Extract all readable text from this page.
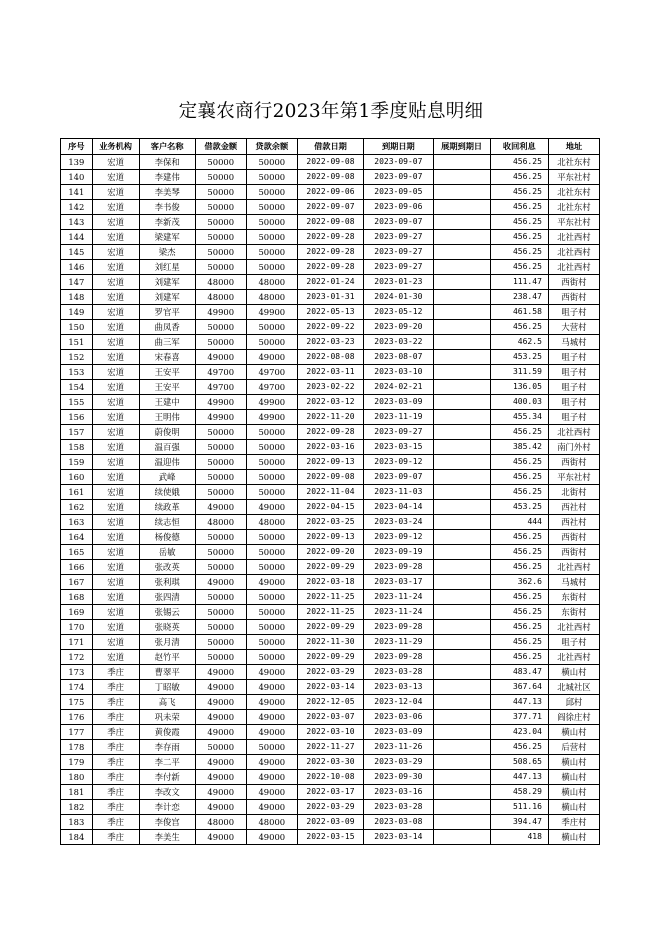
定襄农商行2023年第1季度贴息明细
序号	业务机构	客户名称	借款金额	贷款余额	借款日期	到期日期	展期到期日	收回利息	地址
139	宏道	李保和	50000	50000	2022-09-08	2023-09-07		456.25	北社东村
140	宏道	李建伟	50000	50000	2022-09-08	2023-09-07		456.25	平东社村
141	宏道	李美琴	50000	50000	2022-09-06	2023-09-05		456.25	北社东村
142	宏道	李书俊	50000	50000	2022-09-07	2023-09-06		456.25	北社东村
143	宏道	李新茂	50000	50000	2022-09-08	2023-09-07		456.25	平东社村
144	宏道	梁建军	50000	50000	2022-09-28	2023-09-27		456.25	北社西村
145	宏道	梁杰	50000	50000	2022-09-28	2023-09-27		456.25	北社西村
146	宏道	刘红星	50000	50000	2022-09-28	2023-09-27		456.25	北社西村
147	宏道	刘建军	48000	48000	2022-01-24	2023-01-23		111.47	西街村
148	宏道	刘建军	48000	48000	2023-01-31	2024-01-30		238.47	西街村
149	宏道	罗官平	49900	49900	2022-05-13	2023-05-12		461.58	咀子村
150	宏道	曲凤香	50000	50000	2022-09-22	2023-09-20		456.25	大营村
151	宏道	曲三军	50000	50000	2022-03-23	2023-03-22		462.5	马城村
152	宏道	宋春喜	49000	49000	2022-08-08	2023-08-07		453.25	咀子村
153	宏道	王安平	49700	49700	2022-03-11	2023-03-10		311.59	咀子村
154	宏道	王安平	49700	49700	2023-02-22	2024-02-21		136.05	咀子村
155	宏道	王建中	49900	49900	2022-03-12	2023-03-09		400.03	咀子村
156	宏道	王明伟	49900	49900	2022-11-20	2023-11-19		455.34	咀子村
157	宏道	蔚俊明	50000	50000	2022-09-28	2023-09-27		456.25	北社西村
158	宏道	温百强	50000	50000	2022-03-16	2023-03-15		385.42	南门外村
159	宏道	温迎伟	50000	50000	2022-09-13	2023-09-12		456.25	西街村
160	宏道	武峰	50000	50000	2022-09-08	2023-09-07		456.25	平东社村
161	宏道	续使娥	50000	50000	2022-11-04	2023-11-03		456.25	北街村
162	宏道	续政革	49000	49000	2022-04-15	2023-04-14		453.25	西社村
163	宏道	续志恒	48000	48000	2022-03-25	2023-03-24		444	西社村
164	宏道	杨俊德	50000	50000	2022-09-13	2023-09-12		456.25	西街村
165	宏道	岳敏	50000	50000	2022-09-20	2023-09-19		456.25	西街村
166	宏道	张改英	50000	50000	2022-09-29	2023-09-28		456.25	北社西村
167	宏道	张利琪	49000	49000	2022-03-18	2023-03-17		362.6	马城村
168	宏道	张四清	50000	50000	2022-11-25	2023-11-24		456.25	东街村
169	宏道	张锡云	50000	50000	2022-11-25	2023-11-24		456.25	东街村
170	宏道	张晓英	50000	50000	2022-09-29	2023-09-28		456.25	北社西村
171	宏道	张月清	50000	50000	2022-11-30	2023-11-29		456.25	咀子村
172	宏道	赵竹平	50000	50000	2022-09-29	2023-09-28		456.25	北社西村
173	季庄	曹翠平	49000	49000	2022-03-29	2023-03-28		483.47	横山村
174	季庄	丁昭敏	49000	49000	2022-03-14	2023-03-13		367.64	北城社区
175	季庄	高飞	49000	49000	2022-12-05	2023-12-04		447.13	邱村
176	季庄	巩未荣	49000	49000	2022-03-07	2023-03-06		377.71	阎徐庄村
177	季庄	黄俊霞	49000	49000	2022-03-10	2023-03-09		423.04	横山村
178	季庄	李存雨	50000	50000	2022-11-27	2023-11-26		456.25	后营村
179	季庄	李二平	49000	49000	2022-03-30	2023-03-29		508.65	横山村
180	季庄	李付新	49000	49000	2022-10-08	2023-09-30		447.13	横山村
181	季庄	李改文	49000	49000	2022-03-17	2023-03-16		458.29	横山村
182	季庄	李计恋	49000	49000	2022-03-29	2023-03-28		511.16	横山村
183	季庄	李俊宫	48000	48000	2022-03-09	2023-03-08		394.47	季庄村
184	季庄	李美生	49000	49000	2022-03-15	2023-03-14		418	横山村
